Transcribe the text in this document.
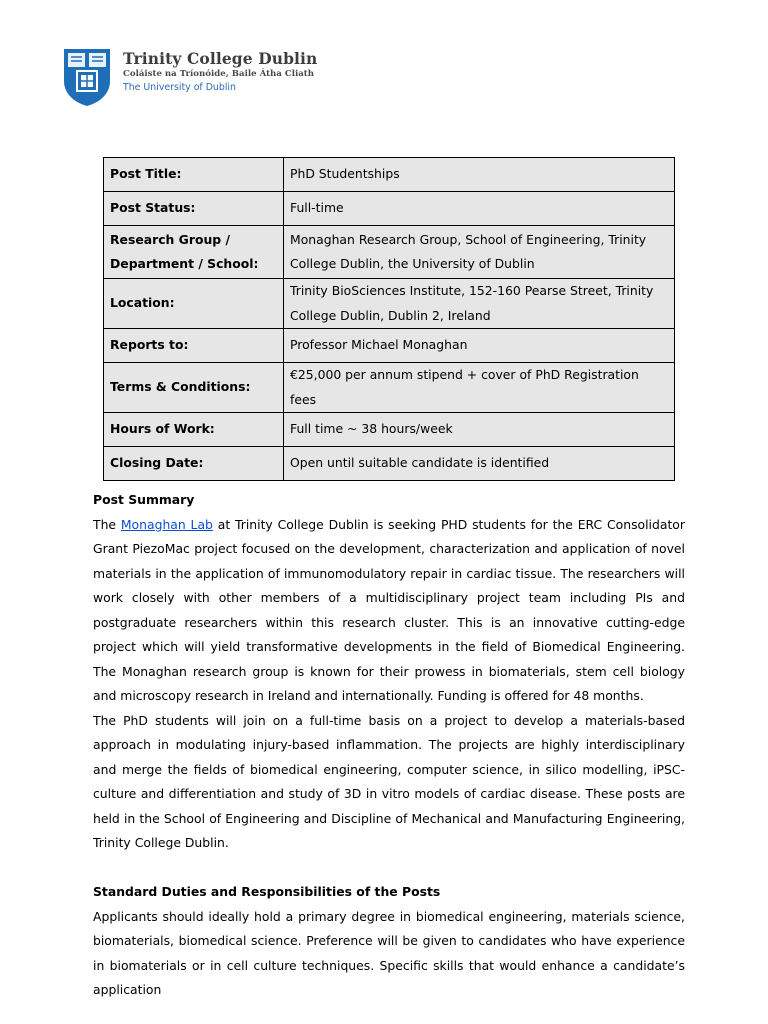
Trinity College Dublin
Coláiste na Tríonóide, Baile Átha Cliath
The University of Dublin
Post Title:	PhD Studentships
Post Status:	Full-time
Research Group / Department / School:	Monaghan Research Group, School of Engineering, Trinity College Dublin, the University of Dublin
Location:	Trinity BioSciences Institute, 152-160 Pearse Street, Trinity College Dublin, Dublin 2, Ireland
Reports to:	Professor Michael Monaghan
Terms & Conditions:	€25,000 per annum stipend + cover of PhD Registration fees
Hours of Work:	Full time ~ 38 hours/week
Closing Date:	Open until suitable candidate is identified
Post Summary

The Monaghan Lab at Trinity College Dublin is seeking PHD students for the ERC Consolidator Grant PiezoMac project focused on the development, characterization and application of novel materials in the application of immunomodulatory repair in cardiac tissue. The researchers will work closely with other members of a multidisciplinary project team including PIs and postgraduate researchers within this research cluster. This is an innovative cutting-edge project which will yield transformative developments in the field of Biomedical Engineering. The Monaghan research group is known for their prowess in biomaterials, stem cell biology and microscopy research in Ireland and internationally. Funding is offered for 48 months.

The PhD students will join on a full-time basis on a project to develop a materials-based approach in modulating injury-based inflammation. The projects are highly interdisciplinary and merge the fields of biomedical engineering, computer science, in silico modelling, iPSC-culture and differentiation and study of 3D in vitro models of cardiac disease. These posts are held in the School of Engineering and Discipline of Mechanical and Manufacturing Engineering, Trinity College Dublin.

Standard Duties and Responsibilities of the Posts

Applicants should ideally hold a primary degree in biomedical engineering, materials science, biomaterials, biomedical science. Preference will be given to candidates who have experience in biomaterials or in cell culture techniques. Specific skills that would enhance a candidate’s application
